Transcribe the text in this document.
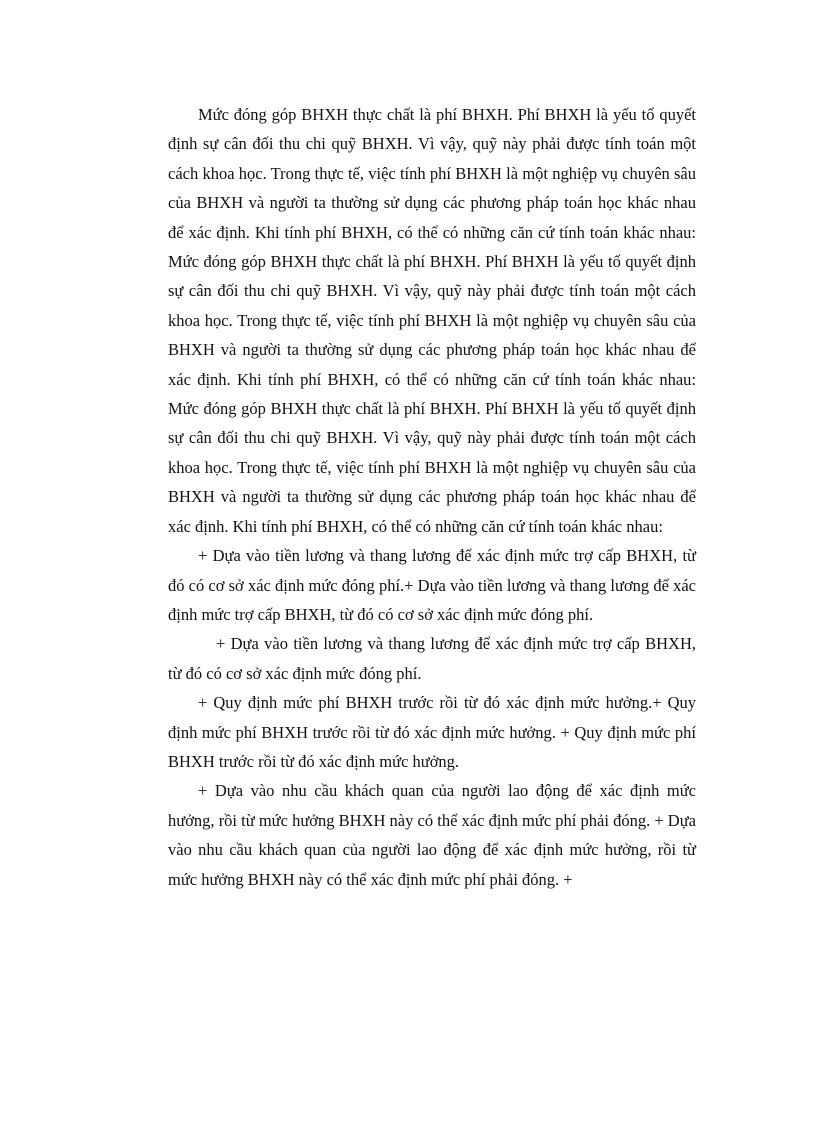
Mức đóng góp BHXH thực chất là phí BHXH. Phí BHXH là yếu tố quyết định sự cân đối thu chi quỹ BHXH. Vì vậy, quỹ này phải được tính toán một cách khoa học. Trong thực tế, việc tính phí BHXH là một nghiệp vụ chuyên sâu của BHXH và người ta thường sử dụng các phương pháp toán học khác nhau để xác định. Khi tính phí BHXH, có thể có những căn cứ tính toán khác nhau: Mức đóng góp BHXH thực chất là phí BHXH. Phí BHXH là yếu tố quyết định sự cân đối thu chi quỹ BHXH. Vì vậy, quỹ này phải được tính toán một cách khoa học. Trong thực tế, việc tính phí BHXH là một nghiệp vụ chuyên sâu của BHXH và người ta thường sử dụng các phương pháp toán học khác nhau để xác định. Khi tính phí BHXH, có thể có những căn cứ tính toán khác nhau: Mức đóng góp BHXH thực chất là phí BHXH. Phí BHXH là yếu tố quyết định sự cân đối thu chi quỹ BHXH. Vì vậy, quỹ này phải được tính toán một cách khoa học. Trong thực tế, việc tính phí BHXH là một nghiệp vụ chuyên sâu của BHXH và người ta thường sử dụng các phương pháp toán học khác nhau để xác định. Khi tính phí BHXH, có thể có những căn cứ tính toán khác nhau:

+ Dựa vào tiền lương và thang lương để xác định mức trợ cấp BHXH, từ đó có cơ sở xác định mức đóng phí.+ Dựa vào tiền lương và thang lương để xác định mức trợ cấp BHXH, từ đó có cơ sở xác định mức đóng phí.

+ Dựa vào tiền lương và thang lương để xác định mức trợ cấp BHXH, từ đó có cơ sở xác định mức đóng phí.

+ Quy định mức phí BHXH trước rồi từ đó xác định mức hưởng.+ Quy định mức phí BHXH trước rồi từ đó xác định mức hưởng. + Quy định mức phí BHXH trước rồi từ đó xác định mức hưởng.

+ Dựa vào nhu cầu khách quan của người lao động để xác định mức hưởng, rồi từ mức hưởng BHXH này có thể xác định mức phí phải đóng. + Dựa vào nhu cầu khách quan của người lao động để xác định mức hưởng, rồi từ mức hưởng BHXH này có thể xác định mức phí phải đóng. +
